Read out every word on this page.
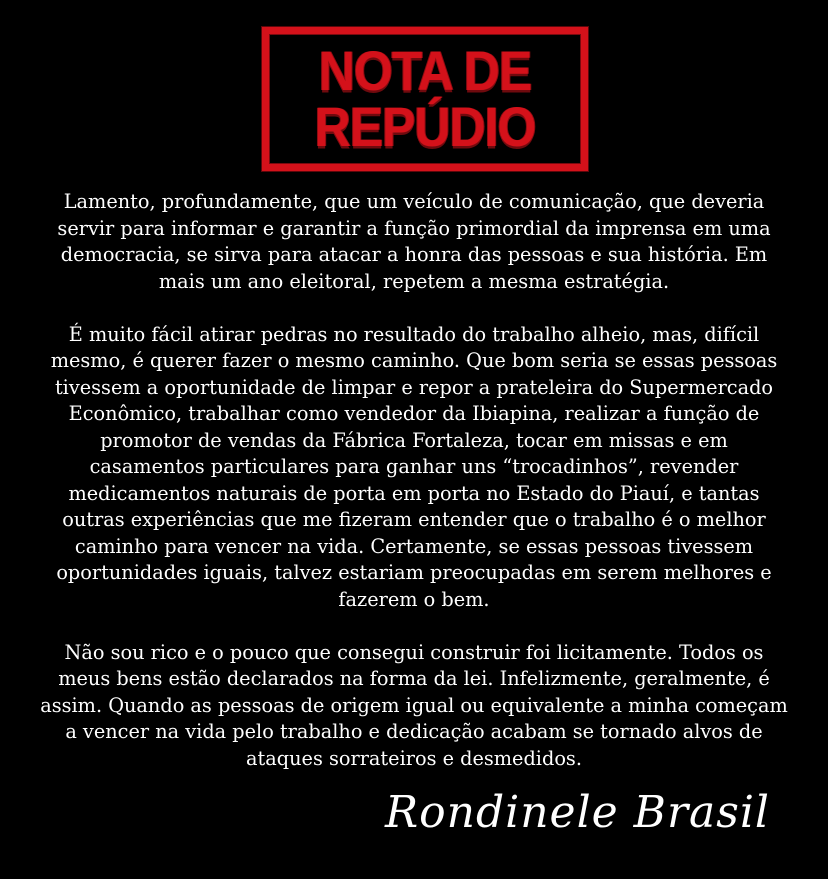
NOTA DE
REPÚDIO

Lamento, profundamente, que um veículo de comunicação, que deveria servir para informar e garantir a função primordial da imprensa em uma democracia, se sirva para atacar a honra das pessoas e sua história. Em mais um ano eleitoral, repetem a mesma estratégia.

É muito fácil atirar pedras no resultado do trabalho alheio, mas, difícil mesmo, é querer fazer o mesmo caminho. Que bom seria se essas pessoas tivessem a oportunidade de limpar e repor a prateleira do Supermercado Econômico, trabalhar como vendedor da Ibiapina, realizar a função de promotor de vendas da Fábrica Fortaleza, tocar em missas e em casamentos particulares para ganhar uns “trocadinhos”, revender medicamentos naturais de porta em porta no Estado do Piauí, e tantas outras experiências que me fizeram entender que o trabalho é o melhor caminho para vencer na vida. Certamente, se essas pessoas tivessem oportunidades iguais, talvez estariam preocupadas em serem melhores e fazerem o bem.

Não sou rico e o pouco que consegui construir foi licitamente. Todos os meus bens estão declarados na forma da lei. Infelizmente, geralmente, é assim. Quando as pessoas de origem igual ou equivalente a minha começam a vencer na vida pelo trabalho e dedicação acabam se tornado alvos de ataques sorrateiros e desmedidos.

Rondinele Brasil
